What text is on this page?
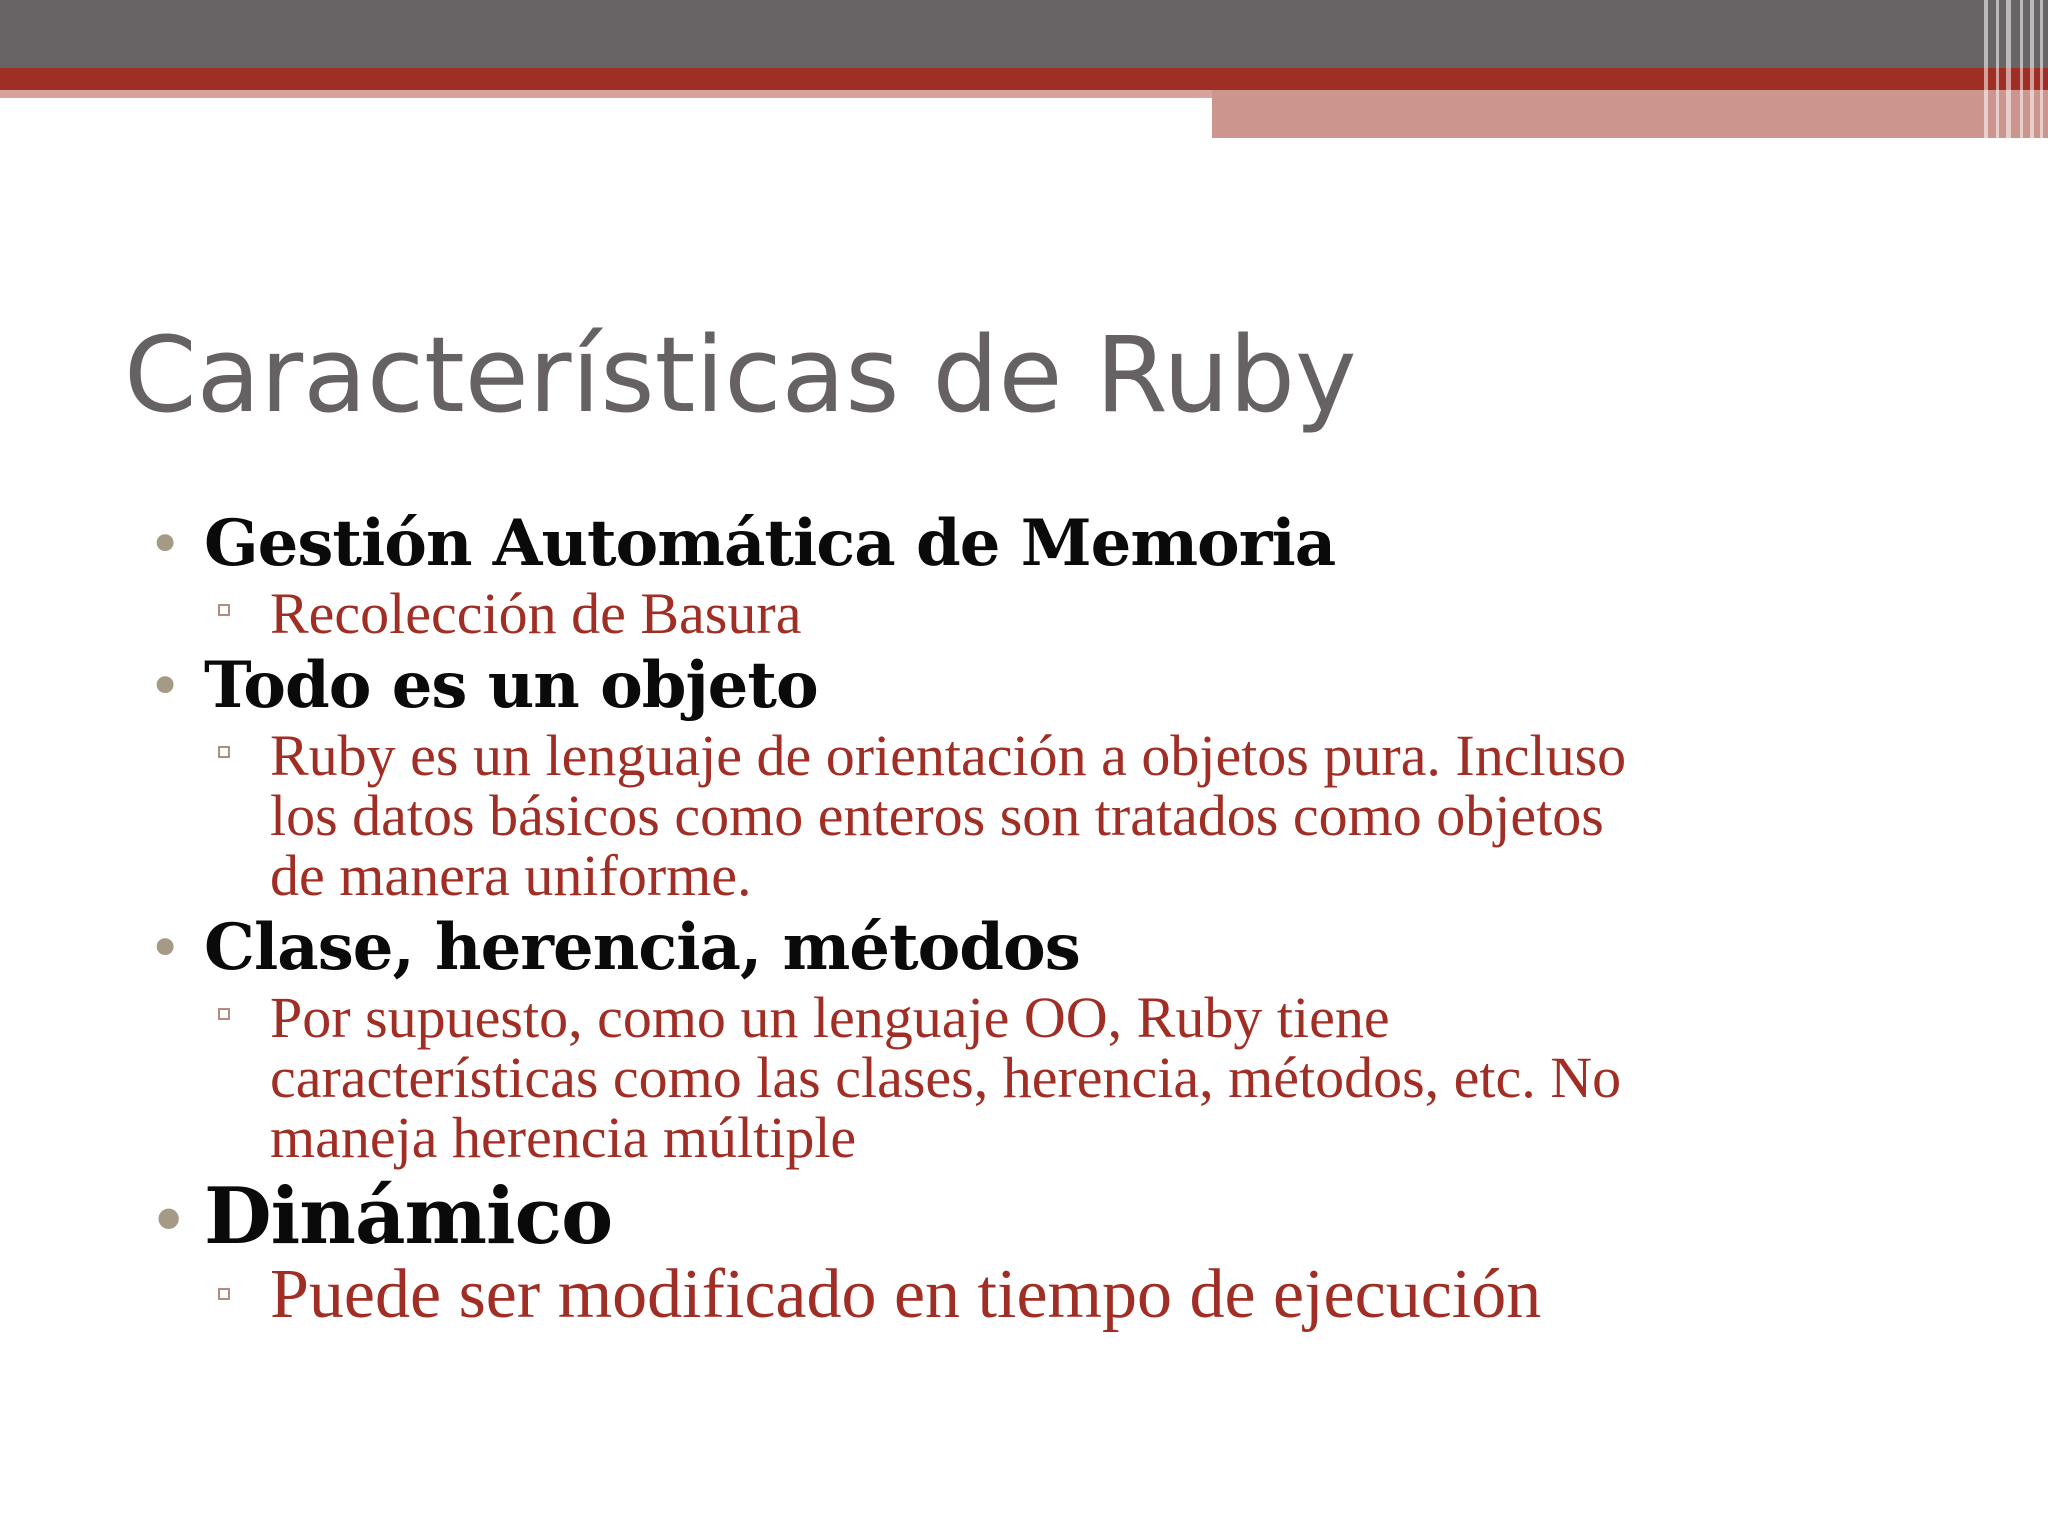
Características de Ruby
• Gestión Automática de Memoria
Recolección de Basura
• Todo es un objeto
Ruby es un lenguaje de orientación a objetos pura. Incluso
los datos básicos como enteros son tratados como objetos
de manera uniforme.
• Clase, herencia, métodos
Por supuesto, como un lenguaje OO, Ruby tiene
características como las clases, herencia, métodos, etc. No
maneja herencia múltiple
• Dinámico
Puede ser modificado en tiempo de ejecución
